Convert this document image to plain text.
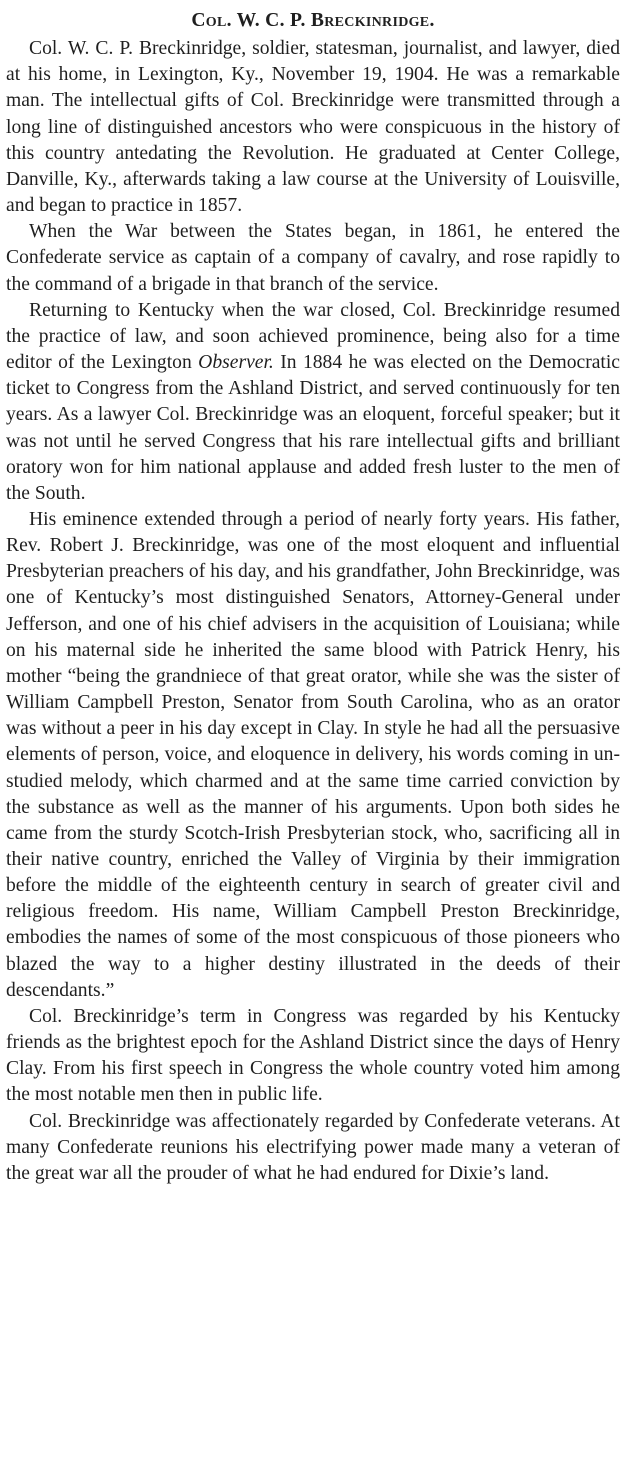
Col. W. C. P. Breckinridge.

Col. W. C. P. Breckinridge, soldier, statesman, journalist, and lawyer, died at his home, in Lexington, Ky., November 19, 1904. He was a remarkable man. The intellectual gifts of Col. Breckinridge were transmitted through a long line of distinguished ancestors who were conspicuous in the history of this country antedating the Revolution. He graduated at Center College, Danville, Ky., afterwards taking a law course at the University of Louisville, and began to practice in 1857.

When the War between the States began, in 1861, he entered the Confederate service as captain of a company of cavalry, and rose rapidly to the command of a brigade in that branch of the service.

Returning to Kentucky when the war closed, Col. Breckinridge resumed the practice of law, and soon achieved prominence, being also for a time editor of the Lexington Observer. In 1884 he was elected on the Democratic ticket to Congress from the Ashland District, and served continuously for ten years. As a lawyer Col. Breckinridge was an eloquent, forceful speaker; but it was not until he served Congress that his rare intellectual gifts and brilliant oratory won for him national applause and added fresh luster to the men of the South.

His eminence extended through a period of nearly forty years. His father, Rev. Robert J. Breckinridge, was one of the most eloquent and influential Presbyterian preachers of his day, and his grandfather, John Breckinridge, was one of Kentucky’s most distinguished Senators, Attorney-General under Jefferson, and one of his chief advisers in the acquisition of Louisiana; while on his maternal side he inherited the same blood with Patrick Henry, his mother “being the grandniece of that great orator, while she was the sister of William Campbell Preston, Senator from South Carolina, who as an orator was without a peer in his day except in Clay. In style he had all the persuasive elements of person, voice, and eloquence in delivery, his words coming in unstudied melody, which charmed and at the same time carried conviction by the substance as well as the manner of his arguments. Upon both sides he came from the sturdy Scotch-Irish Presbyterian stock, who, sacrificing all in their native country, enriched the Valley of Virginia by their immigration before the middle of the eighteenth century in search of greater civil and religious freedom. His name, William Campbell Preston Breckinridge, embodies the names of some of the most conspicuous of those pioneers who blazed the way to a higher destiny illustrated in the deeds of their descendants.”

Col. Breckinridge’s term in Congress was regarded by his Kentucky friends as the brightest epoch for the Ashland District since the days of Henry Clay. From his first speech in Congress the whole country voted him among the most notable men then in public life.

Col. Breckinridge was affectionately regarded by Confederate veterans. At many Confederate reunions his electrifying power made many a veteran of the great war all the prouder of what he had endured for Dixie’s land.
